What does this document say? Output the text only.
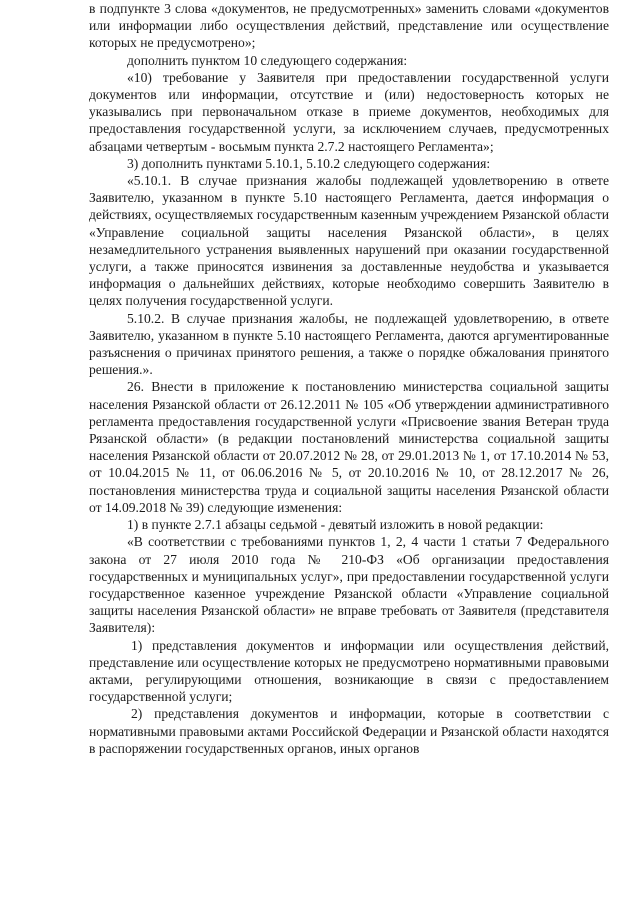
в подпункте 3 слова «документов, не предусмотренных» заменить словами «документов или информации либо осуществления действий, представление или осуществление которых не предусмотрено»;

дополнить пунктом 10 следующего содержания:

«10) требование у Заявителя при предоставлении государственной услуги документов или информации, отсутствие и (или) недостоверность которых не указывались при первоначальном отказе в приеме документов, необходимых для предоставления государственной услуги, за исключением случаев, предусмотренных абзацами четвертым - восьмым пункта 2.7.2 настоящего Регламента»;

3) дополнить пунктами 5.10.1, 5.10.2 следующего содержания:

«5.10.1. В случае признания жалобы подлежащей удовлетворению в ответе Заявителю, указанном в пункте 5.10 настоящего Регламента, дается информация о действиях, осуществляемых государственным казенным учреждением Рязанской области «Управление социальной защиты населения Рязанской области», в целях незамедлительного устранения выявленных нарушений при оказании государственной услуги, а также приносятся извинения за доставленные неудобства и указывается информация о дальнейших действиях, которые необходимо совершить Заявителю в целях получения государственной услуги.

5.10.2. В случае признания жалобы, не подлежащей удовлетворению, в ответе Заявителю, указанном в пункте 5.10 настоящего Регламента, даются аргументированные разъяснения о причинах принятого решения, а также о порядке обжалования принятого решения.».

26. Внести в приложение к постановлению министерства социальной защиты населения Рязанской области от 26.12.2011 № 105 «Об утверждении административного регламента предоставления государственной услуги «Присвоение звания Ветеран труда Рязанской области» (в редакции постановлений министерства социальной защиты населения Рязанской области от 20.07.2012 № 28, от 29.01.2013 № 1, от 17.10.2014 № 53, от 10.04.2015 № 11, от 06.06.2016 № 5, от 20.10.2016 № 10, от 28.12.2017 № 26, постановления министерства труда и социальной защиты населения Рязанской области от 14.09.2018 № 39) следующие изменения:

1) в пункте 2.7.1 абзацы седьмой - девятый изложить в новой редакции:

«В соответствии с требованиями пунктов 1, 2, 4 части 1 статьи 7 Федерального закона от 27 июля 2010 года № 210-ФЗ «Об организации предоставления государственных и муниципальных услуг», при предоставлении государственной услуги государственное казенное учреждение Рязанской области «Управление социальной защиты населения Рязанской области» не вправе требовать от Заявителя (представителя Заявителя):

1) представления документов и информации или осуществления действий, представление или осуществление которых не предусмотрено нормативными правовыми актами, регулирующими отношения, возникающие в связи с предоставлением государственной услуги;

2) представления документов и информации, которые в соответствии с нормативными правовыми актами Российской Федерации и Рязанской области находятся в распоряжении государственных органов, иных органов
